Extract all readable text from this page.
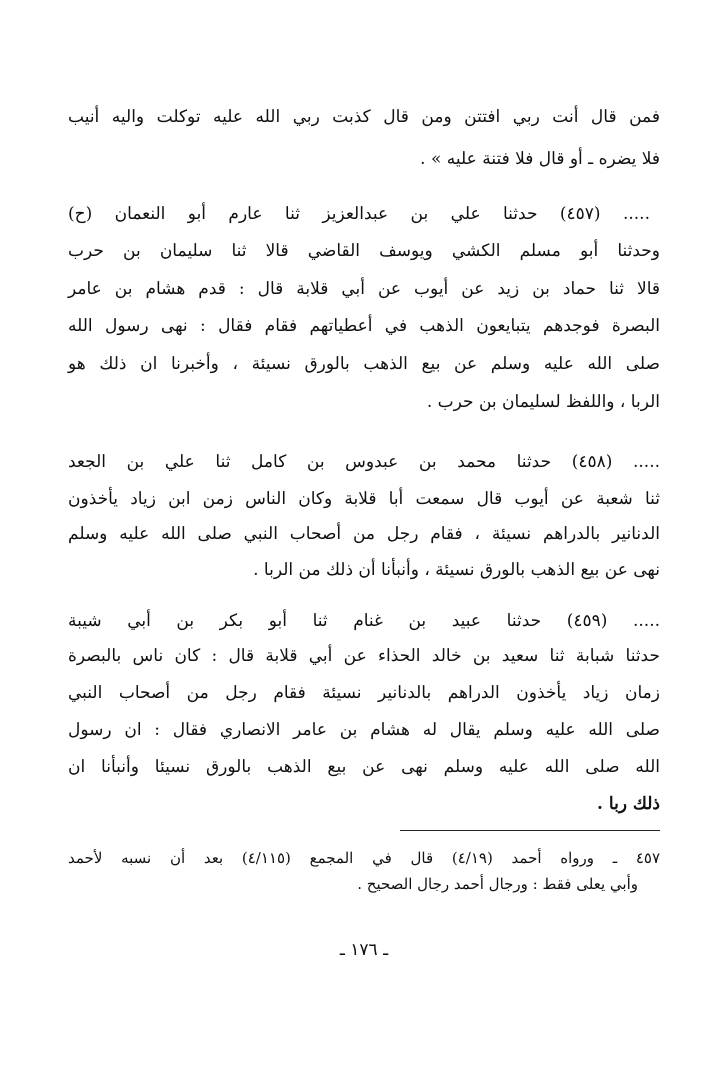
فمن قال أنت ربي افتتن ومن قال كذبت ربي الله عليه توكلت واليه أنيب
فلا يضره ـ أو قال فلا فتنة عليه » .
..... (٤٥٧) حدثنا علي بن عبدالعزيز ثنا عارم أبو النعمان (ح)
وحدثنا أبو مسلم الكشي ويوسف القاضي قالا ثنا سليمان بن حرب
قالا ثنا حماد بن زيد عن أيوب عن أبي قلابة قال : قدم هشام بن عامر
البصرة فوجدهم يتبايعون الذهب في أعطياتهم فقام فقال : نهى رسول الله
صلى الله عليه وسلم عن بيع الذهب بالورق نسيئة ، وأخبرنا ان ذلك هو
الربا ، واللفظ لسليمان بن حرب .
..... (٤٥٨) حدثنا محمد بن عبدوس بن كامل ثنا علي بن الجعد
ثنا شعبة عن أيوب قال سمعت أبا قلابة وكان الناس زمن ابن زياد يأخذون
الدنانير بالدراهم نسيئة ، فقام رجل من أصحاب النبي صلى الله عليه وسلم
نهى عن بيع الذهب بالورق نسيئة ، وأنبأنا أن ذلك من الربا .
..... (٤٥٩) حدثنا عبيد بن غنام ثنا أبو بكر بن أبي شيبة
حدثنا شبابة ثنا سعيد بن خالد الحذاء عن أبي قلابة قال : كان ناس بالبصرة
زمان زياد يأخذون الدراهم بالدنانير نسيئة فقام رجل من أصحاب النبي
صلى الله عليه وسلم يقال له هشام بن عامر الانصاري فقال : ان رسول
الله صلى الله عليه وسلم نهى عن بيع الذهب بالورق نسيئا وأنبأنا ان
ذلك ربا .
٤٥٧ ـ ورواه أحمد (٤/١٩) قال في المجمع (٤/١١٥) بعد أن نسبه لأحمد
وأبي يعلى فقط : ورجال أحمد رجال الصحيح .
ـ ١٧٦ ـ
